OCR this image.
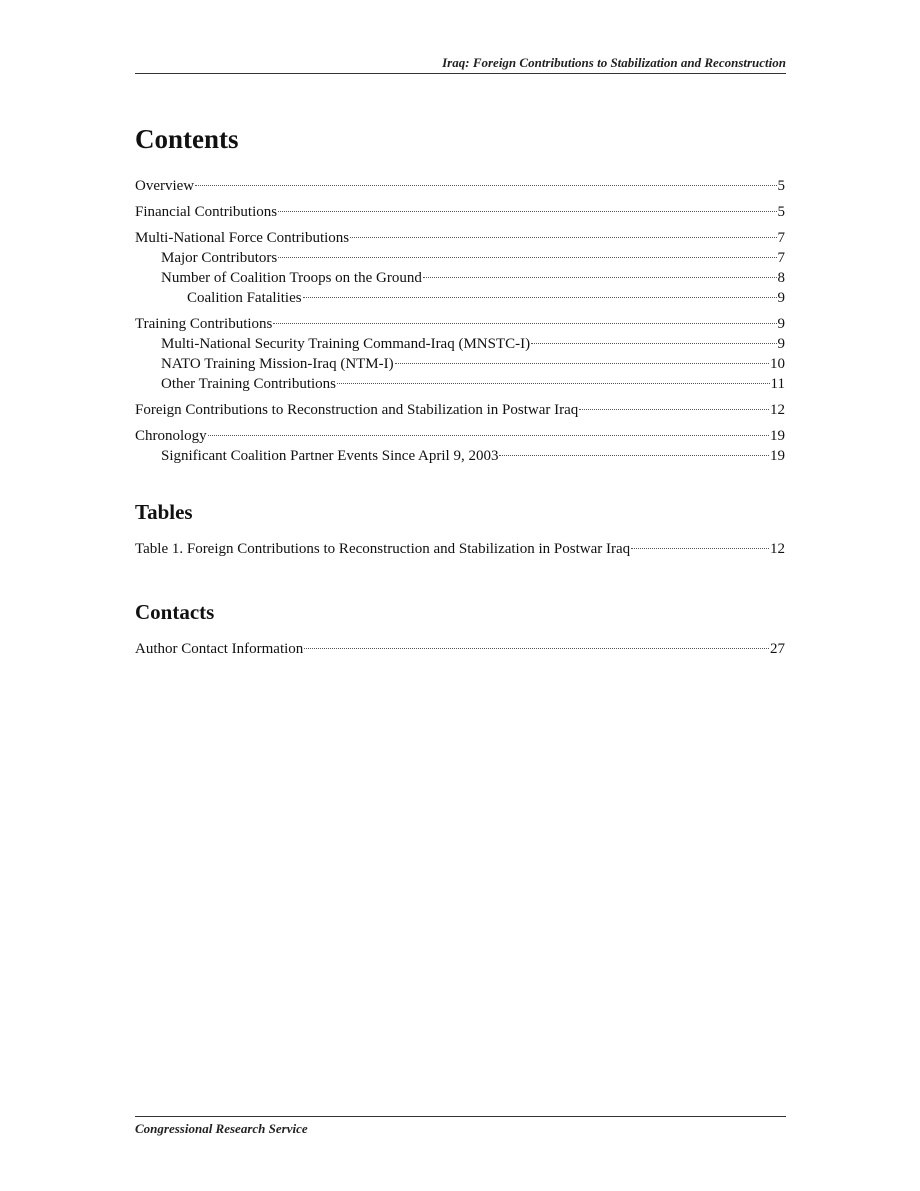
Iraq: Foreign Contributions to Stabilization and Reconstruction
Contents
Overview	5
Financial Contributions	5
Multi-National Force Contributions	7
Major Contributors	7
Number of Coalition Troops on the Ground	8
Coalition Fatalities	9
Training Contributions	9
Multi-National Security Training Command-Iraq (MNSTC-I)	9
NATO Training Mission-Iraq (NTM-I)	10
Other Training Contributions	11
Foreign Contributions to Reconstruction and Stabilization in Postwar Iraq	12
Chronology	19
Significant Coalition Partner Events Since April 9, 2003	19
Tables
Table 1. Foreign Contributions to Reconstruction and Stabilization in Postwar Iraq	12
Contacts
Author Contact Information	27
Congressional Research Service
